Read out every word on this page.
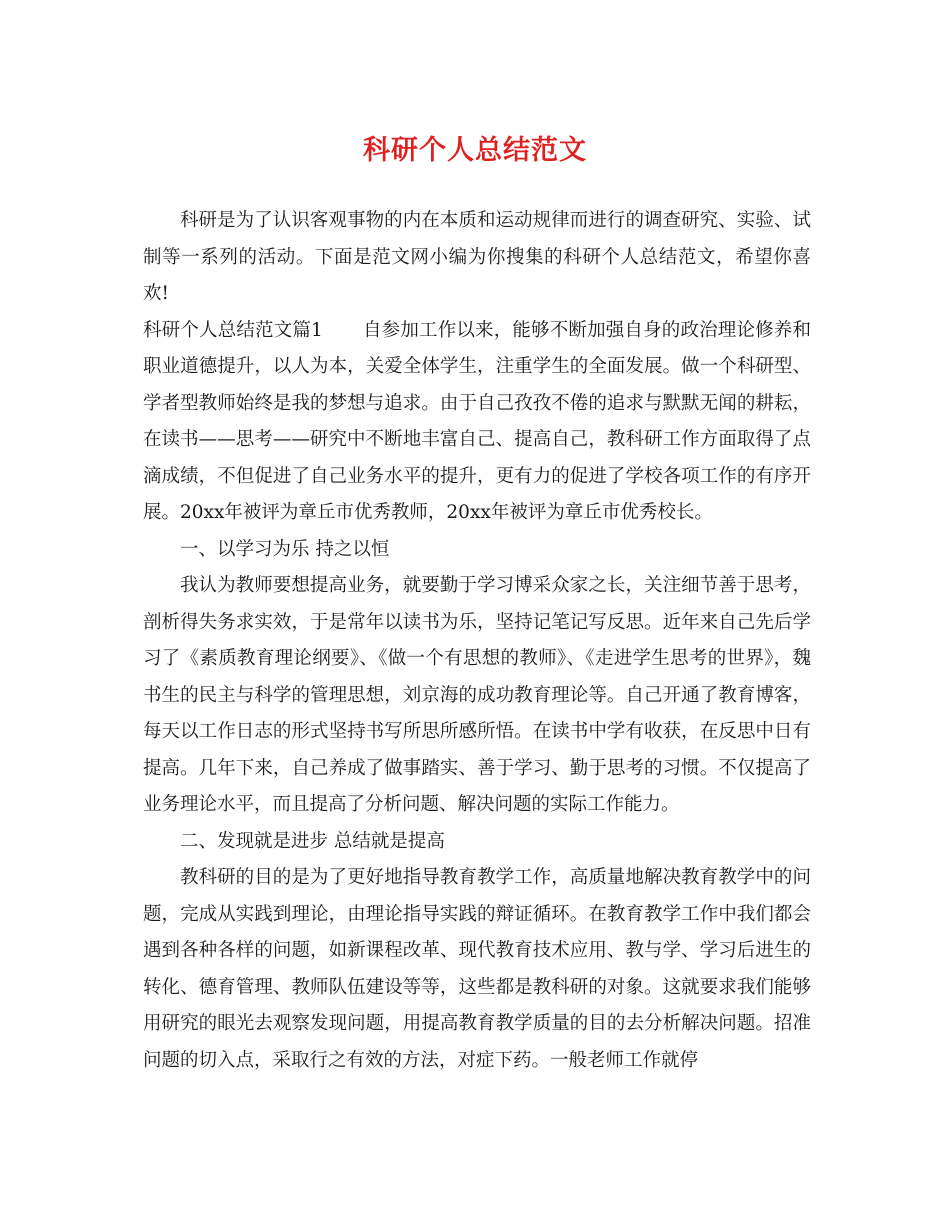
科研个人总结范文

科研是为了认识客观事物的内在本质和运动规律而进行的调查研究、实验、试制等一系列的活动。下面是范文网小编为你搜集的科研个人总结范文，希望你喜欢!

科研个人总结范文篇1 自参加工作以来，能够不断加强自身的政治理论修养和职业道德提升，以人为本，关爱全体学生，注重学生的全面发展。做一个科研型、学者型教师始终是我的梦想与追求。由于自己孜孜不倦的追求与默默无闻的耕耘，在读书——思考——研究中不断地丰富自己、提高自己，教科研工作方面取得了点滴成绩，不但促进了自己业务水平的提升，更有力的促进了学校各项工作的有序开展。20xx年被评为章丘市优秀教师，20xx年被评为章丘市优秀校长。

一、以学习为乐 持之以恒

我认为教师要想提高业务，就要勤于学习博采众家之长，关注细节善于思考，剖析得失务求实效，于是常年以读书为乐，坚持记笔记写反思。近年来自己先后学习了《素质教育理论纲要》、《做一个有思想的教师》、《走进学生思考的世界》，魏书生的民主与科学的管理思想，刘京海的成功教育理论等。自己开通了教育博客，每天以工作日志的形式坚持书写所思所感所悟。在读书中学有收获，在反思中日有提高。几年下来，自己养成了做事踏实、善于学习、勤于思考的习惯。不仅提高了业务理论水平，而且提高了分析问题、解决问题的实际工作能力。

二、发现就是进步 总结就是提高

教科研的目的是为了更好地指导教育教学工作，高质量地解决教育教学中的问题，完成从实践到理论，由理论指导实践的辩证循环。在教育教学工作中我们都会遇到各种各样的问题，如新课程改革、现代教育技术应用、教与学、学习后进生的转化、德育管理、教师队伍建设等等，这些都是教科研的对象。这就要求我们能够用研究的眼光去观察发现问题，用提高教育教学质量的目的去分析解决问题。招准问题的切入点，采取行之有效的方法，对症下药。一般老师工作就停
